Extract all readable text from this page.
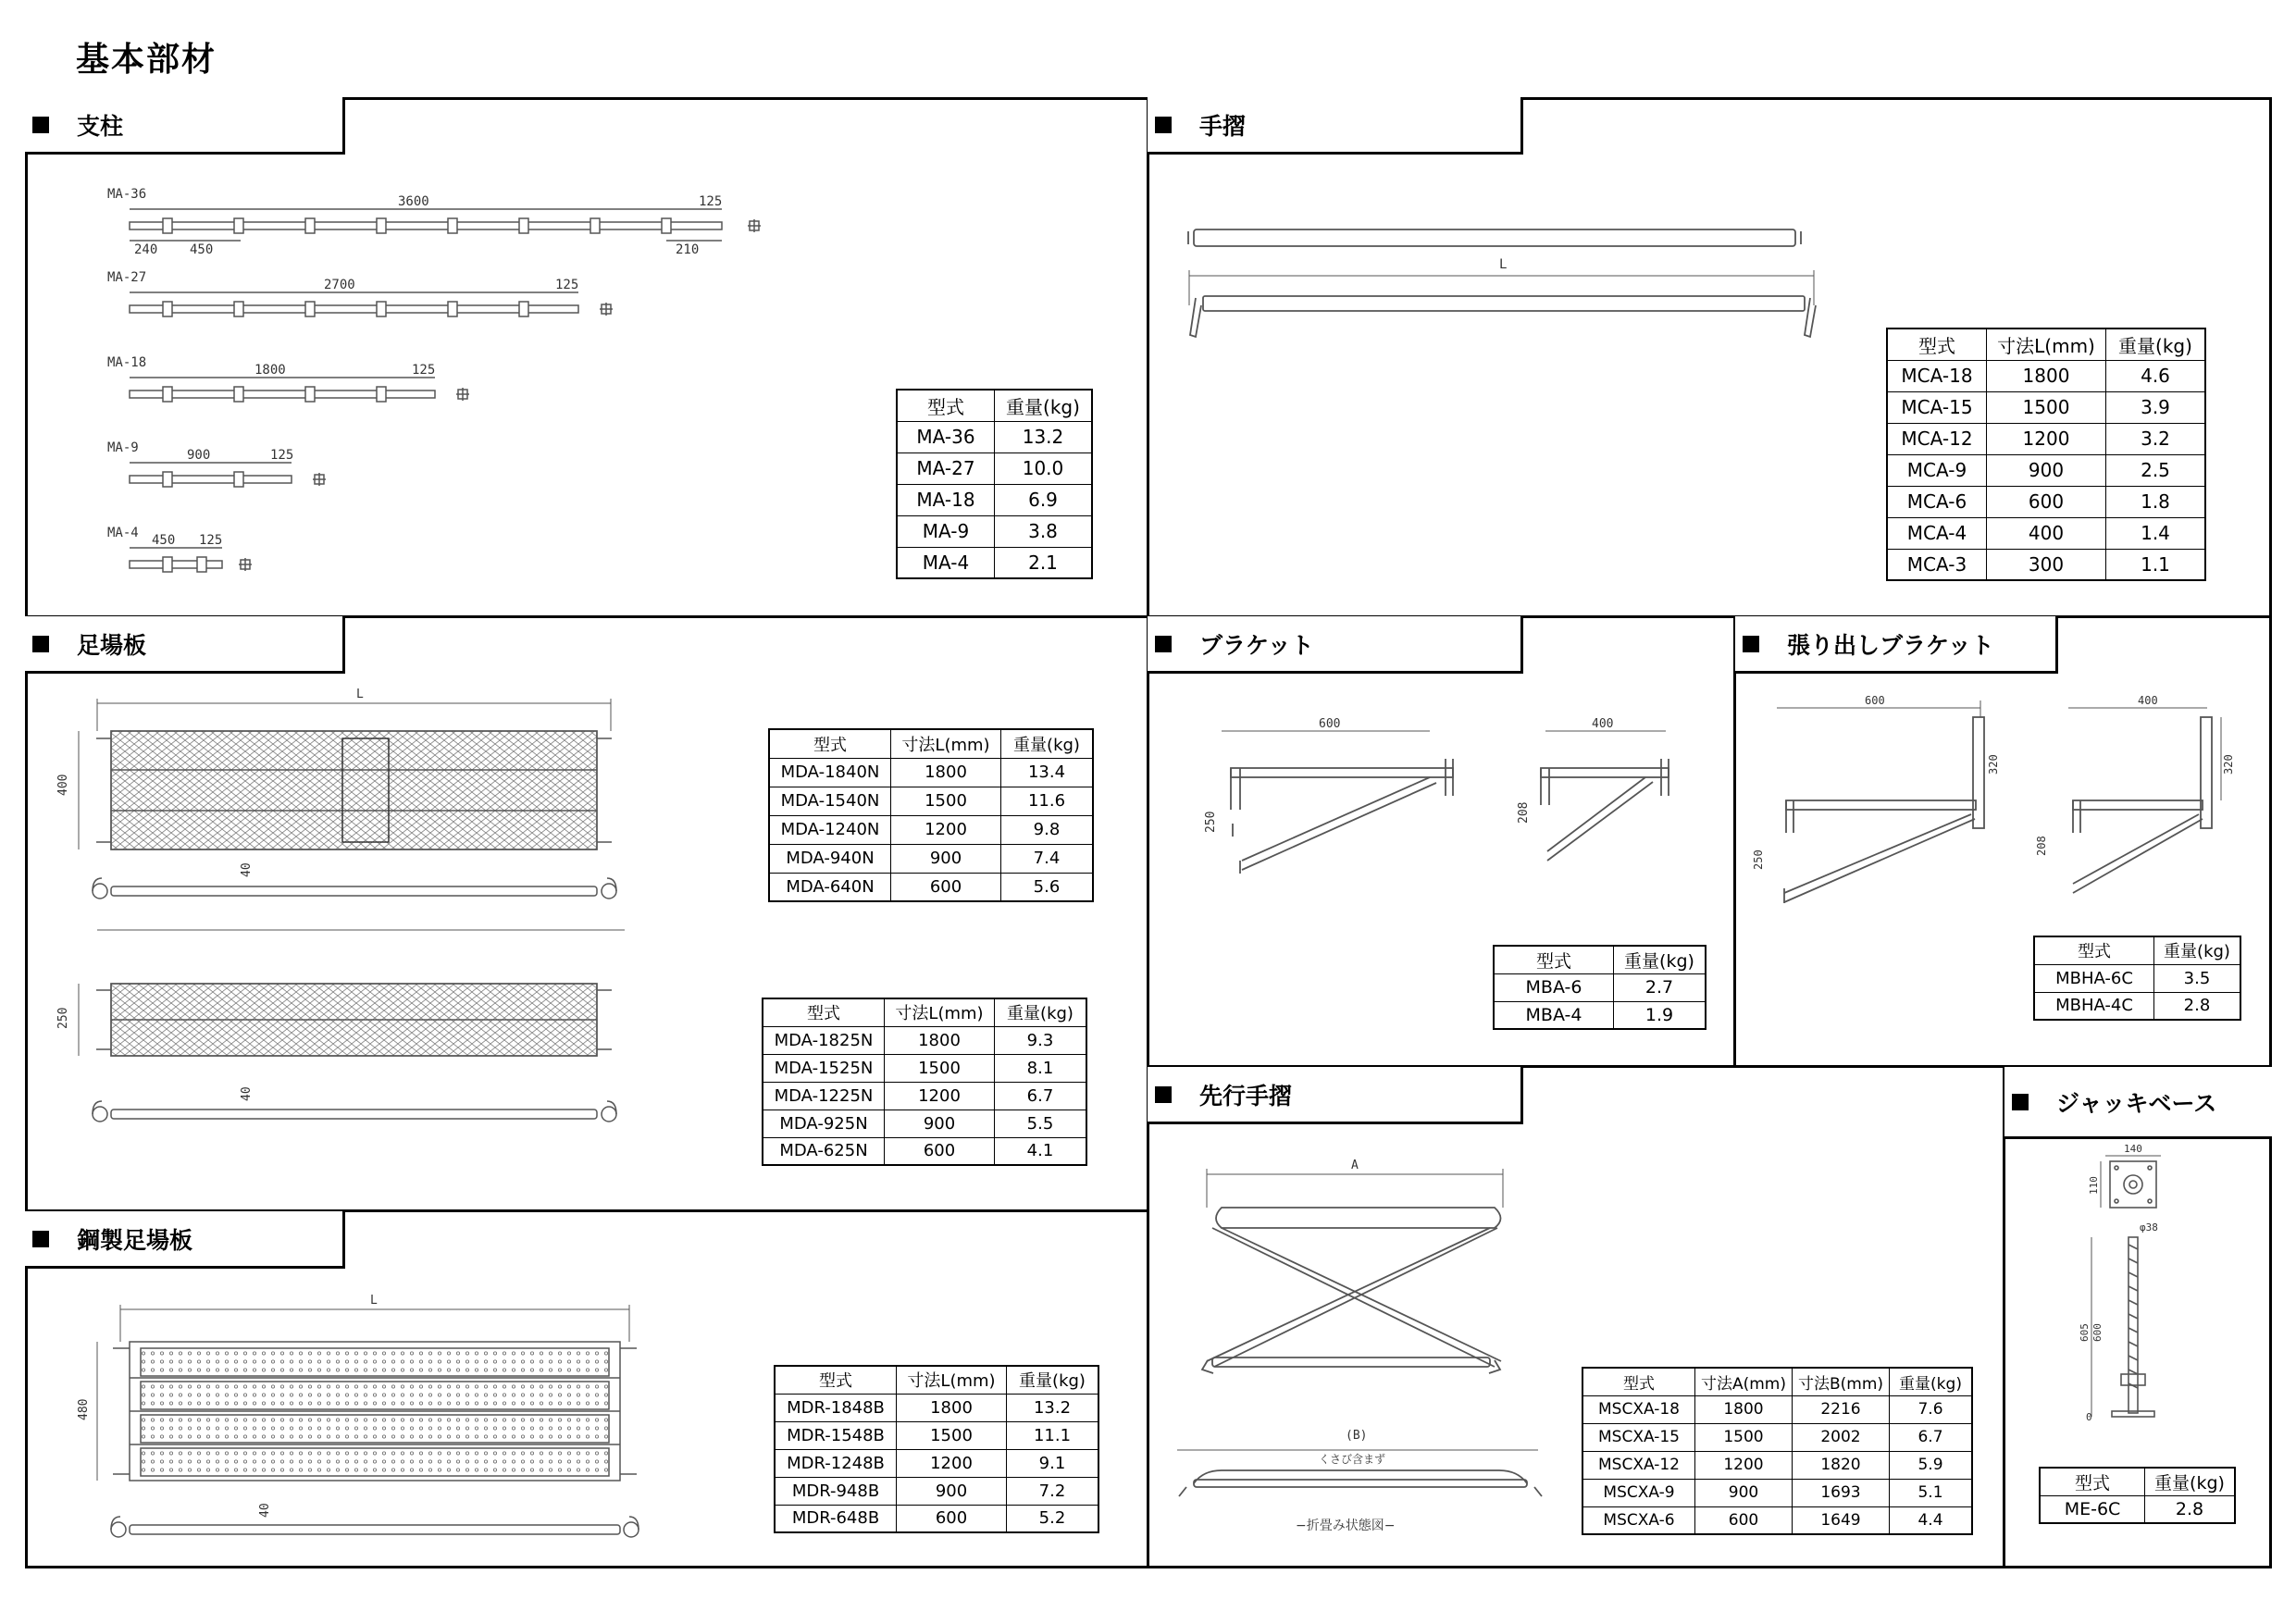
基本部材
支柱	手摺
足場板	ブラケット	張り出しブラケット
鋼製足場板
先行手摺	ジャッキベース
MA-36	3600	125
240 450	210
MA-27	2700	125
MA-18	1800	125
MA-9	900	125
MA-4 450 125
型式	重量(kg)
MA-36	13.2
MA-27	10.0
MA-18	6.9
MA-9	3.8
MA-4	2.1
L
型式	寸法L(mm)	重量(kg)
MCA-18	1800	4.6
MCA-15	1500	3.9
MCA-12	1200	3.2
MCA-9	900	2.5
MCA-6	600	1.8
MCA-4	400	1.4
MCA-3	300	1.1
L
400
40
250
40
型式	寸法L(mm)	重量(kg)
MDA-1840N	1800	13.4
MDA-1540N	1500	11.6
MDA-1240N	1200	9.8
MDA-940N	900	7.4
MDA-640N	600	5.6
型式	寸法L(mm)	重量(kg)
MDA-1825N	1800	9.3
MDA-1525N	1500	8.1
MDA-1225N	1200	6.7
MDA-925N	900	5.5
MDA-625N	600	4.1
L
480
40
型式	寸法L(mm)	重量(kg)
MDR-1848B	1800	13.2
MDR-1548B	1500	11.1
MDR-1248B	1200	9.1
MDR-948B	900	7.2
MDR-648B	600	5.2
600	400
250	208
型式	重量(kg)
MBA-6	2.7
MBA-4	1.9
600	400
250
208
320	320
型式	重量(kg)
MBHA-6C	3.5
MBHA-4C	2.8
A
(B)
くさび含まず
−折畳み状態図−
型式	寸法A(mm)	寸法B(mm)	重量(kg)
MSCXA-18	1800	2216	7.6
MSCXA-15	1500	2002	6.7
MSCXA-12	1200	1820	5.9
MSCXA-9	900	1693	5.1
MSCXA-6	600	1649	4.4
140
110
φ38
605 600
0
型式	重量(kg)
ME-6C	2.8
